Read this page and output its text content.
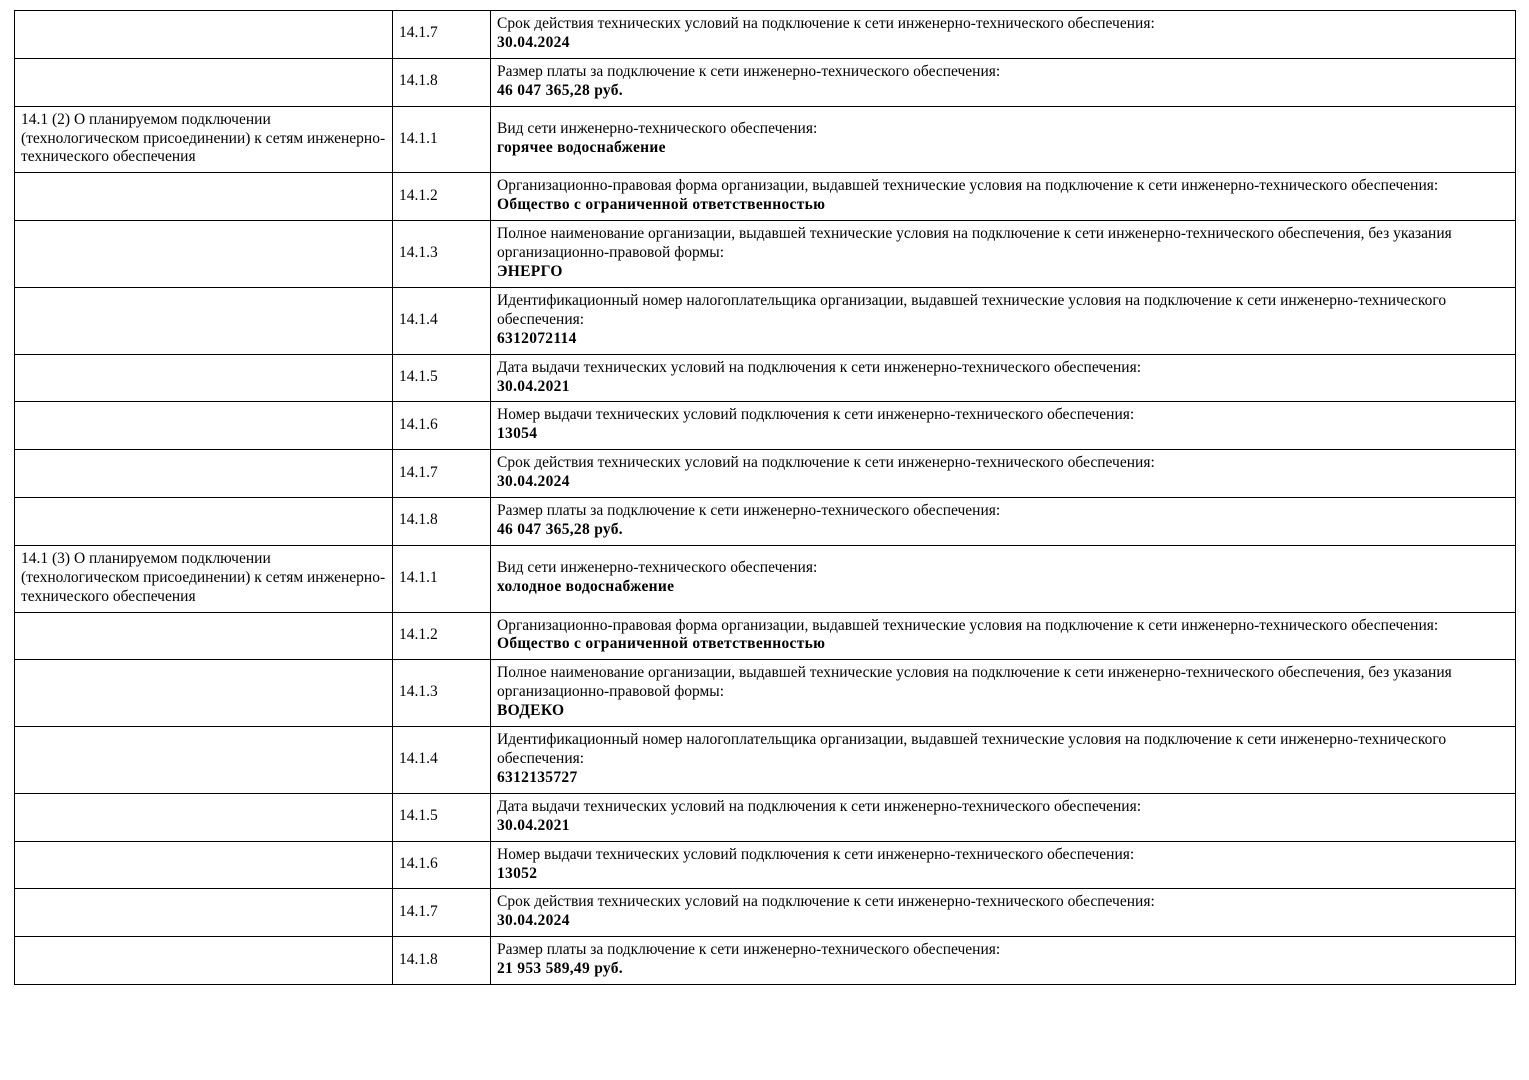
	14.1.7	Срок действия технических условий на подключение к сети инженерно-технического обеспечения:
30.04.2024

	14.1.8	Размер платы за подключение к сети инженерно-технического обеспечения:
46 047 365,28 руб.

14.1 (2) О планируемом подключении (технологическом присоединении) к сетям инженерно-технического обеспечения	14.1.1	Вид сети инженерно-технического обеспечения:
горячее водоснабжение

	14.1.2	Организационно-правовая форма организации, выдавшей технические условия на подключение к сети инженерно-технического обеспечения:
Общество с ограниченной ответственностью

	14.1.3	Полное наименование организации, выдавшей технические условия на подключение к сети инженерно-технического обеспечения, без указания организационно-правовой формы:
ЭНЕРГО

	14.1.4	Идентификационный номер налогоплательщика организации, выдавшей технические условия на подключение к сети инженерно-технического обеспечения:
6312072114

	14.1.5	Дата выдачи технических условий на подключения к сети инженерно-технического обеспечения:
30.04.2021

	14.1.6	Номер выдачи технических условий подключения к сети инженерно-технического обеспечения:
13054

	14.1.7	Срок действия технических условий на подключение к сети инженерно-технического обеспечения:
30.04.2024

	14.1.8	Размер платы за подключение к сети инженерно-технического обеспечения:
46 047 365,28 руб.

14.1 (3) О планируемом подключении (технологическом присоединении) к сетям инженерно-технического обеспечения	14.1.1	Вид сети инженерно-технического обеспечения:
холодное водоснабжение

	14.1.2	Организационно-правовая форма организации, выдавшей технические условия на подключение к сети инженерно-технического обеспечения:
Общество с ограниченной ответственностью

	14.1.3	Полное наименование организации, выдавшей технические условия на подключение к сети инженерно-технического обеспечения, без указания организационно-правовой формы:
ВОДЕКО

	14.1.4	Идентификационный номер налогоплательщика организации, выдавшей технические условия на подключение к сети инженерно-технического обеспечения:
6312135727

	14.1.5	Дата выдачи технических условий на подключения к сети инженерно-технического обеспечения:
30.04.2021

	14.1.6	Номер выдачи технических условий подключения к сети инженерно-технического обеспечения:
13052

	14.1.7	Срок действия технических условий на подключение к сети инженерно-технического обеспечения:
30.04.2024

	14.1.8	Размер платы за подключение к сети инженерно-технического обеспечения:
21 953 589,49 руб.
